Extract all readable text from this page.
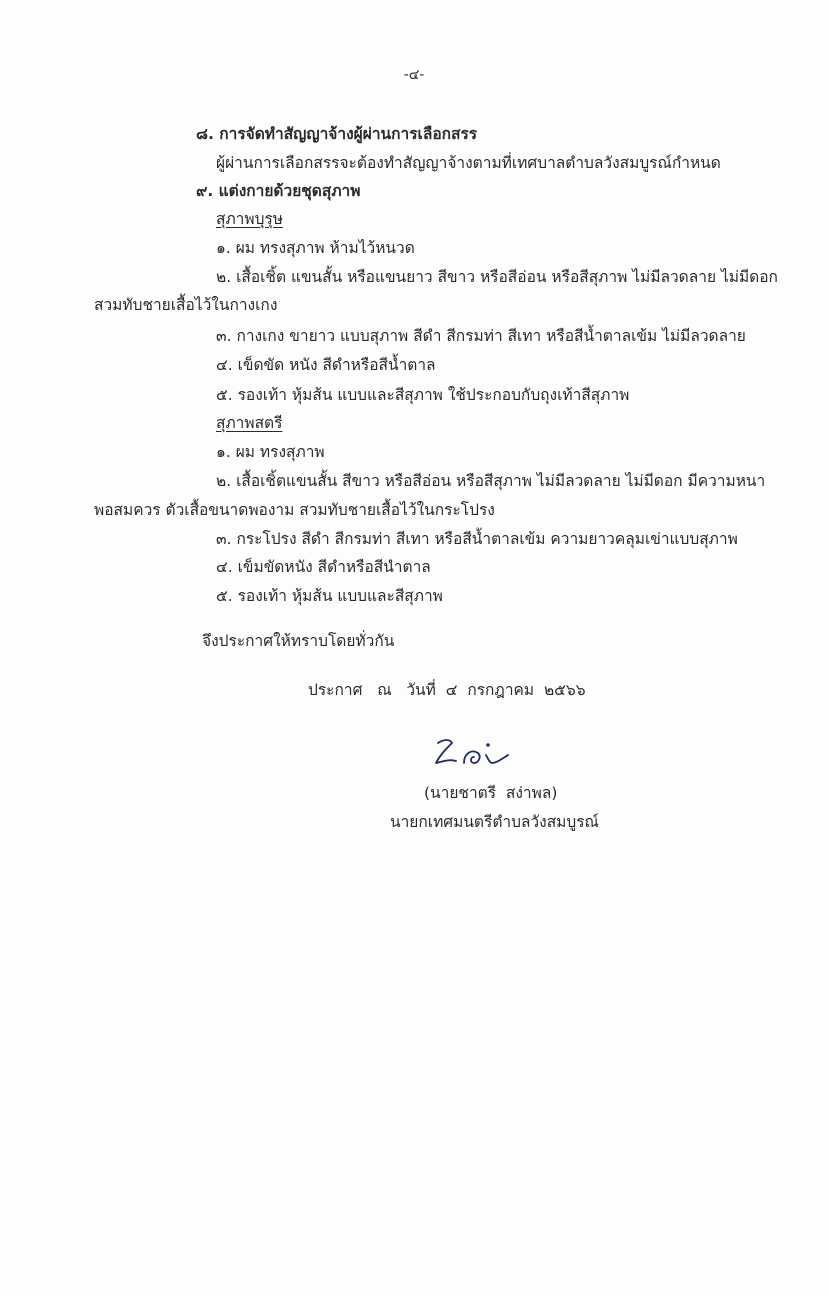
-๔-
๘. การจัดทำสัญญาจ้างผู้ผ่านการเลือกสรร
ผู้ผ่านการเลือกสรรจะต้องทำสัญญาจ้างตามที่เทศบาลตำบลวังสมบูรณ์กำหนด
๙. แต่งกายด้วยชุดสุภาพ
สุภาพบุรุษ
๑. ผม ทรงสุภาพ ห้ามไว้หนวด
๒. เสื้อเชิ้ต แขนสั้น หรือแขนยาว สีขาว หรือสีอ่อน หรือสีสุภาพ ไม่มีลวดลาย ไม่มีดอก
สวมทับชายเสื้อไว้ในกางเกง
๓. กางเกง ขายาว แบบสุภาพ สีดำ สีกรมท่า สีเทา หรือสีน้ำตาลเข้ม ไม่มีลวดลาย
๔. เข็ดขัด หนัง สีดำหรือสีน้ำตาล
๕. รองเท้า หุ้มส้น แบบและสีสุภาพ ใช้ประกอบกับถุงเท้าสีสุภาพ
สุภาพสตรี
๑. ผม ทรงสุภาพ
๒. เสื้อเชิ้ตแขนสั้น สีขาว หรือสีอ่อน หรือสีสุภาพ ไม่มีลวดลาย ไม่มีดอก มีความหนา
พอสมควร ตัวเสื้อขนาดพองาม สวมทับชายเสื้อไว้ในกระโปรง
๓. กระโปรง สีดำ สีกรมท่า สีเทา หรือสีน้ำตาลเข้ม ความยาวคลุมเข่าแบบสุภาพ
๔. เข็มขัดหนัง สีดำหรือสีนำตาล
๕. รองเท้า หุ้มส้น แบบและสีสุภาพ
จึงประกาศให้ทราบโดยทั่วกัน
ประกาศ   ณ   วันที่  ๔  กรกฎาคม  ๒๕๖๖
(นายชาตรี  สง่าพล)
นายกเทศมนตรีตำบลวังสมบูรณ์
